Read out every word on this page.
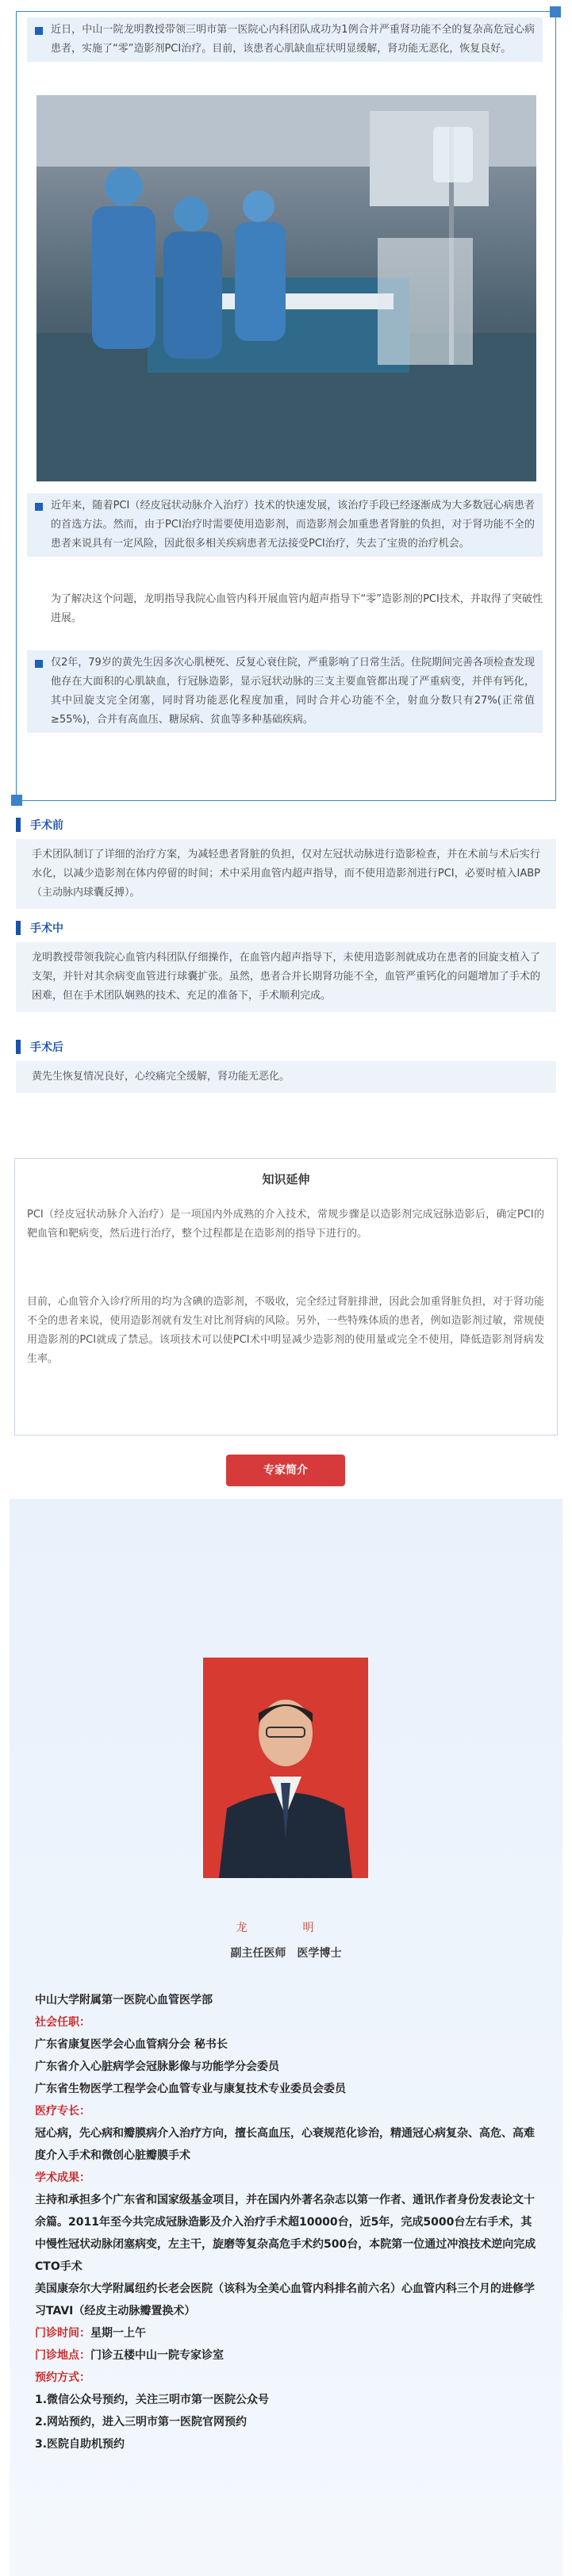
近日，中山一院龙明教授带领三明市第一医院心内科团队成功为1例合并严重肾功能不全的复杂高危冠心病患者，实施了“零”造影剂PCI治疗。目前，该患者心肌缺血症状明显缓解，肾功能无恶化，恢复良好。
近年来，随着PCI（经皮冠状动脉介入治疗）技术的快速发展，该治疗手段已经逐渐成为大多数冠心病患者的首选方法。然而，由于PCI治疗时需要使用造影剂，而造影剂会加重患者肾脏的负担，对于肾功能不全的患者来说具有一定风险，因此很多相关疾病患者无法接受PCI治疗，失去了宝贵的治疗机会。
为了解决这个问题，龙明指导我院心血管内科开展血管内超声指导下“零”造影剂的PCI技术，并取得了突破性进展。
仅2年，79岁的黄先生因多次心肌梗死、反复心衰住院，严重影响了日常生活。住院期间完善各项检查发现他存在大面积的心肌缺血，行冠脉造影，显示冠状动脉的三支主要血管都出现了严重病变，并伴有钙化，其中回旋支完全闭塞，同时肾功能恶化程度加重，同时合并心功能不全，射血分数只有27%(正常值≥55%)，合并有高血压、糖尿病、贫血等多种基础疾病。
手术前
手术团队制订了详细的治疗方案，为减轻患者肾脏的负担，仅对左冠状动脉进行造影检查，并在术前与术后实行水化，以减少造影剂在体内停留的时间；术中采用血管内超声指导，而不使用造影剂进行PCI，必要时植入IABP（主动脉内球囊反搏）。
手术中
龙明教授带领我院心血管内科团队仔细操作，在血管内超声指导下，未使用造影剂就成功在患者的回旋支植入了支架，并针对其余病变血管进行球囊扩张。虽然，患者合并长期肾功能不全，血管严重钙化的问题增加了手术的困难，但在手术团队娴熟的技术、充足的准备下，手术顺利完成。
手术后
黄先生恢复情况良好，心绞痛完全缓解，肾功能无恶化。
知识延伸
PCI（经皮冠状动脉介入治疗）是一项国内外成熟的介入技术，常规步骤是以造影剂完成冠脉造影后，确定PCI的靶血管和靶病变，然后进行治疗，整个过程都是在造影剂的指导下进行的。
目前，心血管介入诊疗所用的均为含碘的造影剂，不吸收，完全经过肾脏排泄，因此会加重肾脏负担，对于肾功能不全的患者来说，使用造影剂就有发生对比剂肾病的风险。另外，一些特殊体质的患者，例如造影剂过敏，常规使用造影剂的PCI就成了禁忌。该项技术可以使PCI术中明显减少造影剂的使用量或完全不使用，降低造影剂肾病发生率。
专家简介
龙　明
副主任医师　医学博士
中山大学附属第一医院心血管医学部
社会任职：
广东省康复医学会心血管病分会 秘书长
广东省介入心脏病学会冠脉影像与功能学分会委员
广东省生物医学工程学会心血管专业与康复技术专业委员会委员
医疗专长：
冠心病，先心病和瓣膜病介入治疗方向，擅长高血压，心衰规范化诊治，精通冠心病复杂、高危、高难度介入手术和微创心脏瓣膜手术
学术成果：
主持和承担多个广东省和国家级基金项目，并在国内外著名杂志以第一作者、通讯作者身份发表论文十余篇。2011年至今共完成冠脉造影及介入治疗手术超10000台，近5年，完成5000台左右手术，其中慢性冠状动脉闭塞病变，左主干，旋磨等复杂高危手术约500台，本院第一位通过冲浪技术逆向完成CTO手术
美国康奈尔大学附属纽约长老会医院（该科为全美心血管内科排名前六名）心血管内科三个月的进修学习TAVI（经皮主动脉瓣置换术）
门诊时间：星期一上午
门诊地点：门诊五楼中山一院专家诊室
预约方式：
1.微信公众号预约，关注三明市第一医院公众号
2.网站预约，进入三明市第一医院官网预约
3.医院自助机预约
